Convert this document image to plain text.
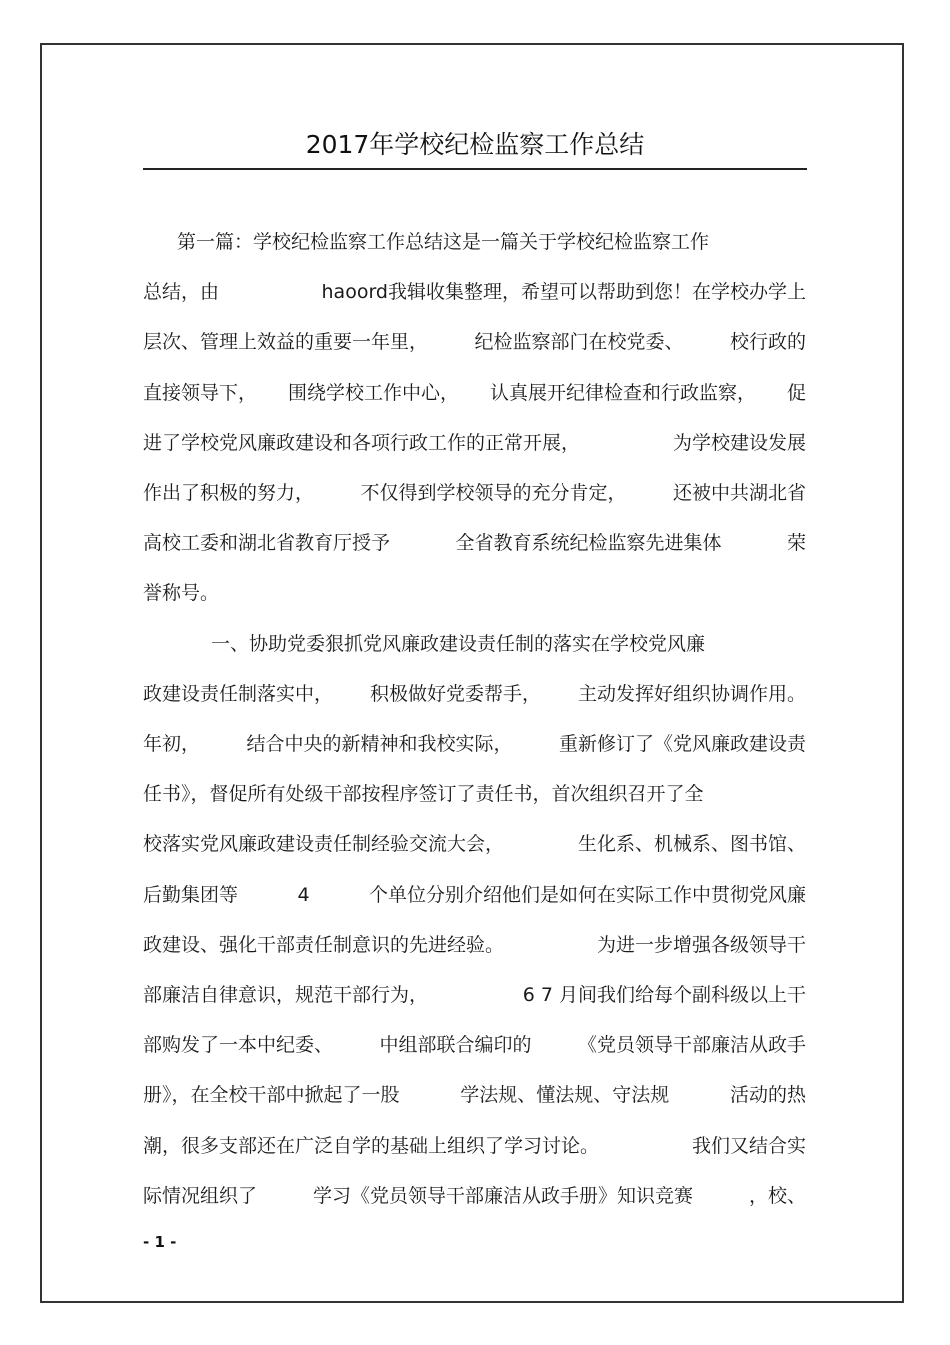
2017年学校纪检监察工作总结
第一篇：学校纪检监察工作总结这是一篇关于学校纪检监察工作
总结，由	haoord我辑收集整理，希望可以帮助到您！在学校办学上
层次、管理上效益的重要一年里， 纪检监察部门在校党委、 校行政的
直接领导下， 围绕学校工作中心， 认真展开纪律检查和行政监察， 促
进了学校党风廉政建设和各项行政工作的正常开展，	为学校建设发展
作出了积极的努力， 不仅得到学校领导的充分肯定， 还被中共湖北省
高校工委和湖北省教育厅授予	全省教育系统纪检监察先进集体	荣
誉称号。
一、协助党委狠抓党风廉政建设责任制的落实在学校党风廉
政建设责任制落实中， 积极做好党委帮手， 主动发挥好组织协调作用。
年初， 结合中央的新精神和我校实际， 重新修订了《党风廉政建设责
任书》，督促所有处级干部按程序签订了责任书，首次组织召开了全
校落实党风廉政建设责任制经验交流大会，	生化系、机械系、图书馆、
后勤集团等	4	个单位分别介绍他们是如何在实际工作中贯彻党风廉
政建设、强化干部责任制意识的先进经验。	为进一步增强各级领导干
部廉洁自律意识，规范干部行为，	6 7 月间我们给每个副科级以上干
部购发了一本中纪委、 中组部联合编印的 《党员领导干部廉洁从政手
册》，在全校干部中掀起了一股	学法规、懂法规、守法规	活动的热
潮，很多支部还在广泛自学的基础上组织了学习讨论。	我们又结合实
际情况组织了	学习《党员领导干部廉洁从政手册》知识竞赛	，校、
- 1 -
